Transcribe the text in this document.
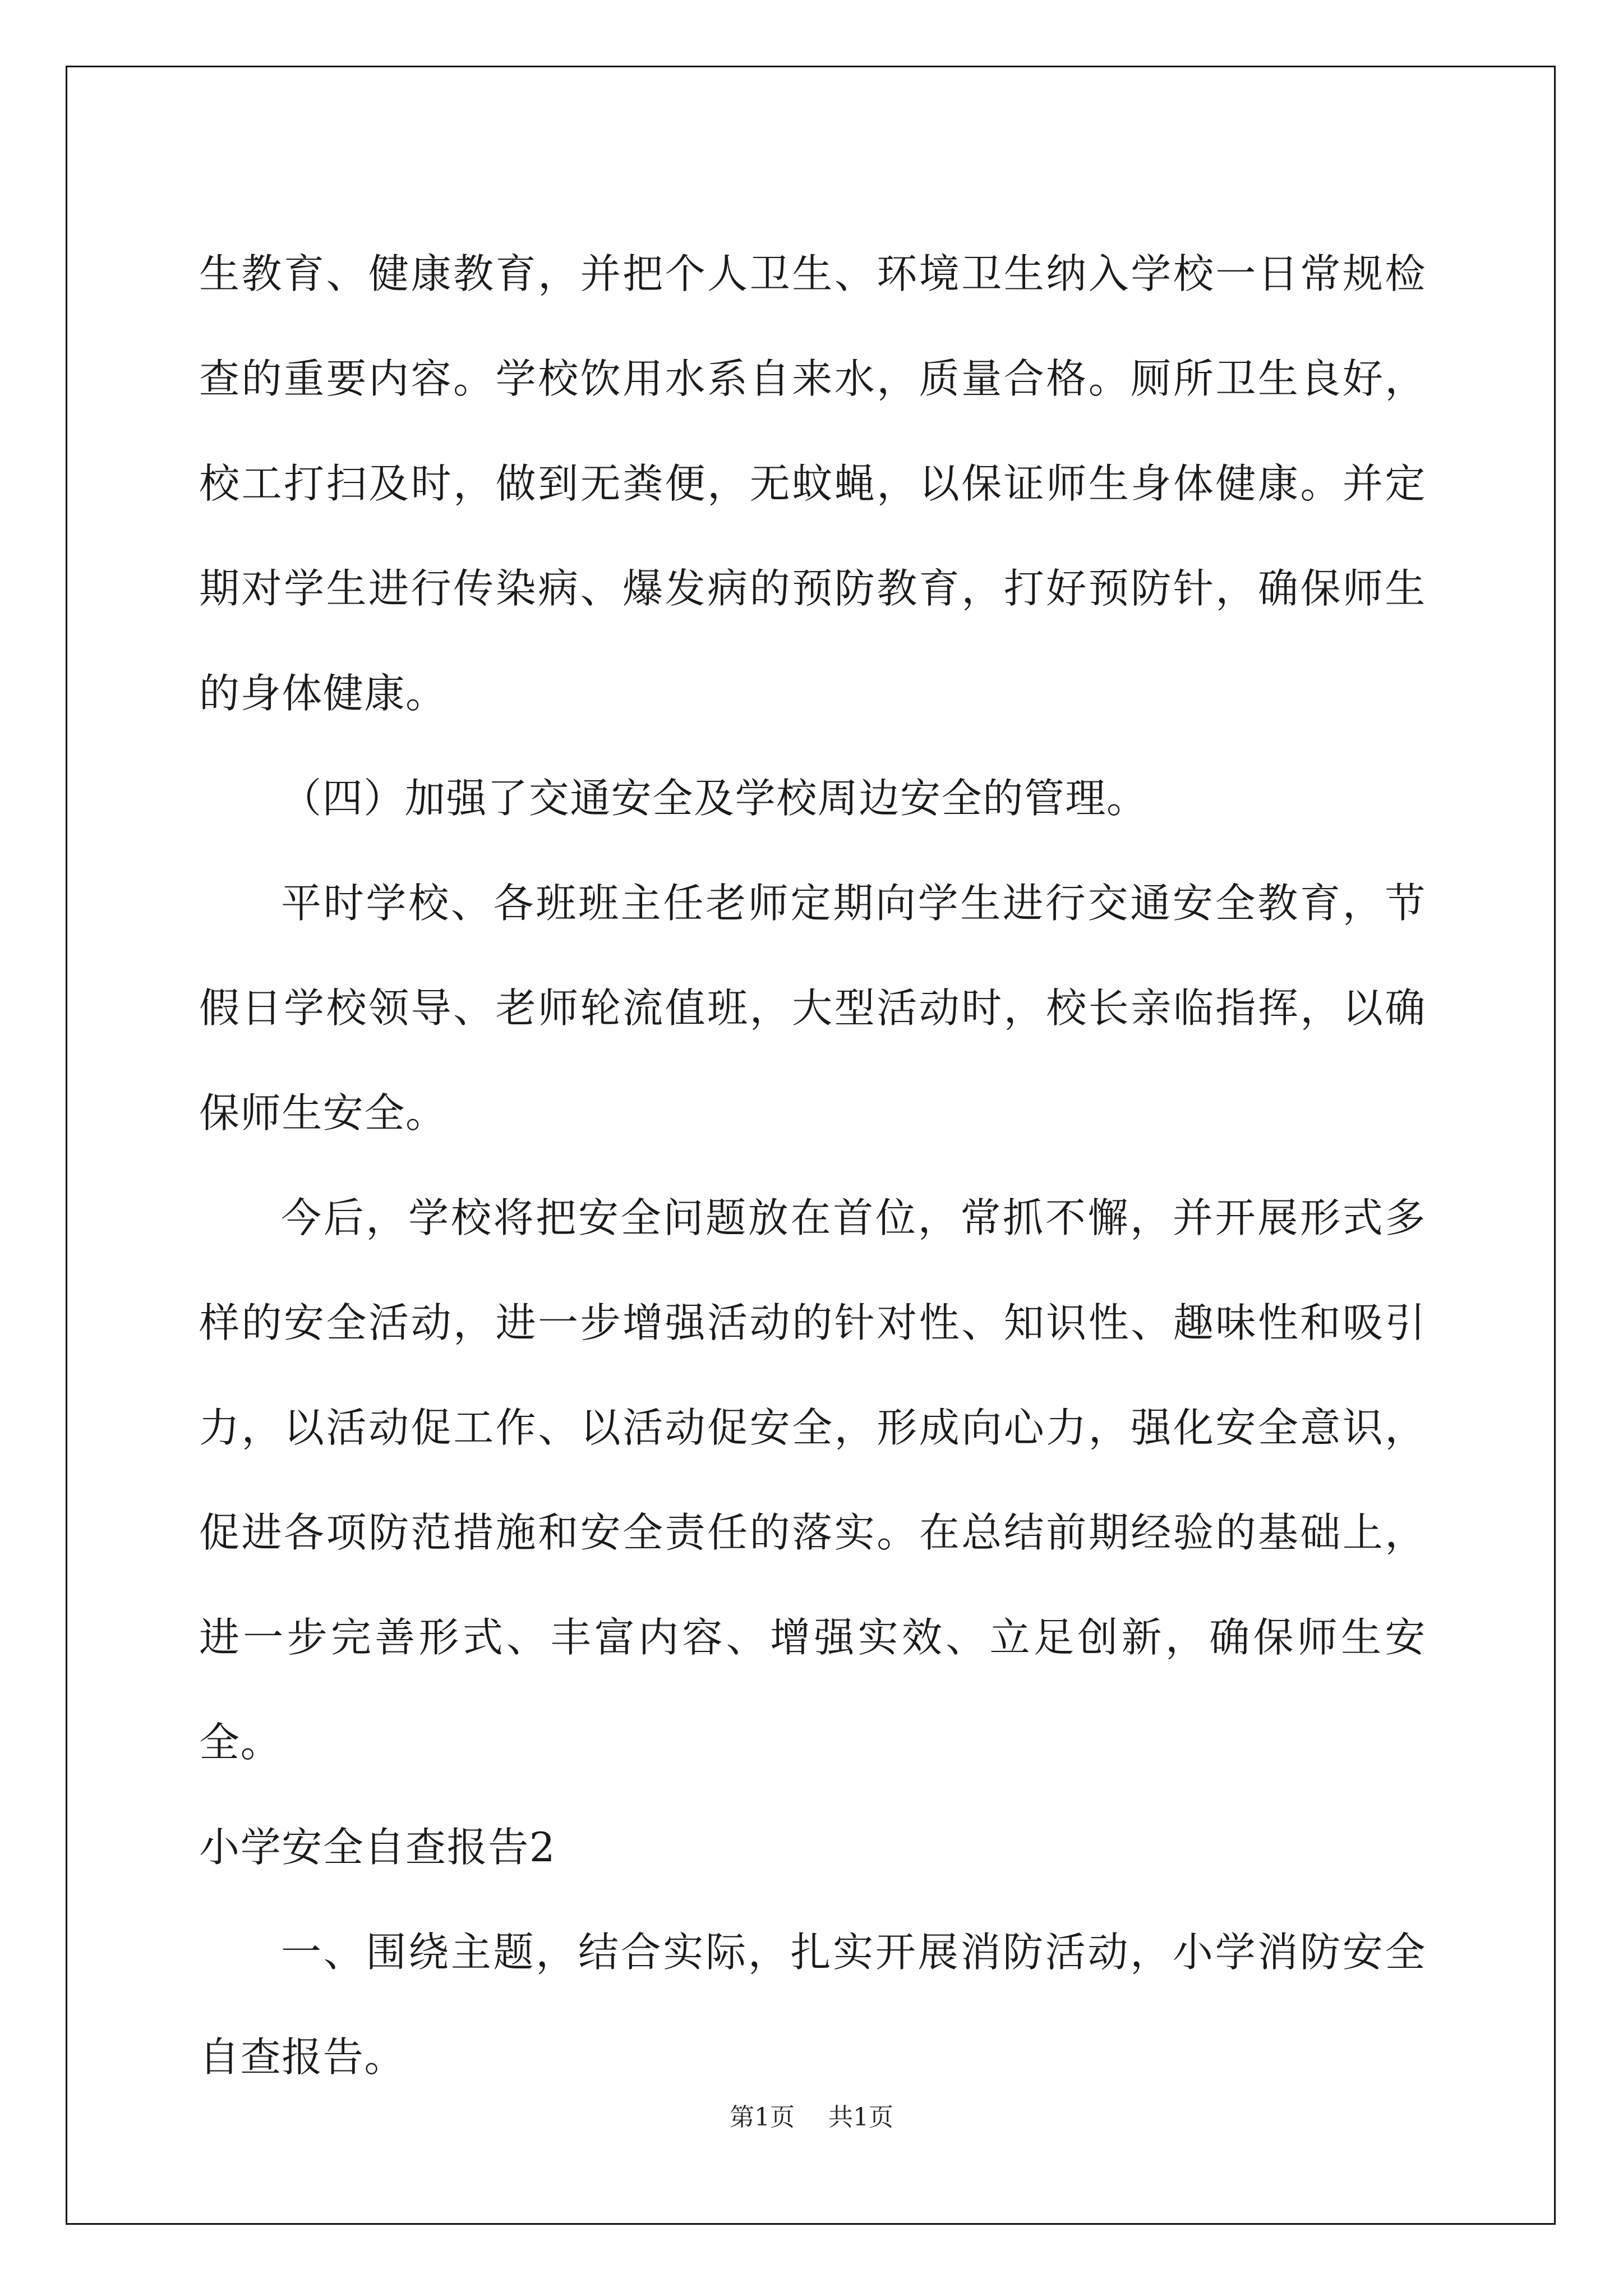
生教育、健康教育，并把个人卫生、环境卫生纳入学校一日常规检查的重要内容。学校饮用水系自来水，质量合格。厕所卫生良好，校工打扫及时，做到无粪便，无蚊蝇，以保证师生身体健康。并定期对学生进行传染病、爆发病的预防教育，打好预防针，确保师生的身体健康。

（四）加强了交通安全及学校周边安全的管理。

平时学校、各班班主任老师定期向学生进行交通安全教育，节假日学校领导、老师轮流值班，大型活动时，校长亲临指挥，以确保师生安全。

今后，学校将把安全问题放在首位，常抓不懈，并开展形式多样的安全活动，进一步增强活动的针对性、知识性、趣味性和吸引力，以活动促工作、以活动促安全，形成向心力，强化安全意识，促进各项防范措施和安全责任的落实。在总结前期经验的基础上，进一步完善形式、丰富内容、增强实效、立足创新，确保师生安全。

小学安全自查报告2

一、围绕主题，结合实际，扎实开展消防活动，小学消防安全自查报告。

第1页 共1页
